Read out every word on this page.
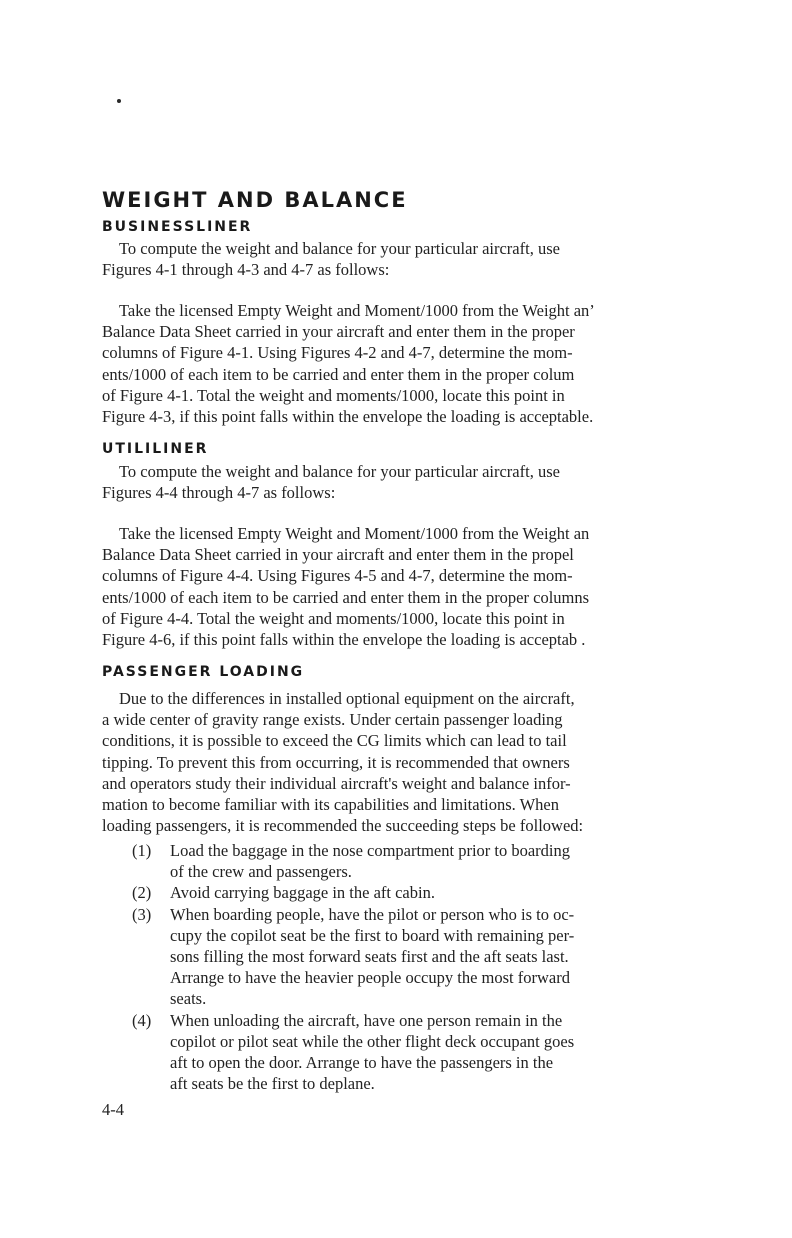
WEIGHT AND BALANCE
BUSINESSLINER

To compute the weight and balance for your particular aircraft, use

Figures 4-1 through 4-3 and 4-7 as follows:

Take the licensed Empty Weight and Moment/1000 from the Weight an’

Balance Data Sheet carried in your aircraft and enter them in the proper

columns of Figure 4-1. Using Figures 4-2 and 4-7, determine the mom-

ents/1000 of each item to be carried and enter them in the proper colum

of Figure 4-1. Total the weight and moments/1000, locate this point in

Figure 4-3, if this point falls within the envelope the loading is acceptable.

UTILILINER

To compute the weight and balance for your particular aircraft, use

Figures 4-4 through 4-7 as follows:

Take the licensed Empty Weight and Moment/1000 from the Weight an

Balance Data Sheet carried in your aircraft and enter them in the propel

columns of Figure 4-4. Using Figures 4-5 and 4-7, determine the mom-

ents/1000 of each item to be carried and enter them in the proper columns

of Figure 4-4. Total the weight and moments/1000, locate this point in

Figure 4-6, if this point falls within the envelope the loading is acceptab .

PASSENGER LOADING

Due to the differences in installed optional equipment on the aircraft,

a wide center of gravity range exists. Under certain passenger loading

conditions, it is possible to exceed the CG limits which can lead to tail

tipping. To prevent this from occurring, it is recommended that owners

and operators study their individual aircraft's weight and balance infor-

mation to become familiar with its capabilities and limitations. When

loading passengers, it is recommended the succeeding steps be followed:

(1)	Load the baggage in the nose compartment prior to boarding

of the crew and passengers.

(2)	Avoid carrying baggage in the aft cabin.

(3)	When boarding people, have the pilot or person who is to oc-

cupy the copilot seat be the first to board with remaining per-

sons filling the most forward seats first and the aft seats last.

Arrange to have the heavier people occupy the most forward

seats.

(4)	When unloading the aircraft, have one person remain in the

copilot or pilot seat while the other flight deck occupant goes

aft to open the door. Arrange to have the passengers in the

aft seats be the first to deplane.

4-4
